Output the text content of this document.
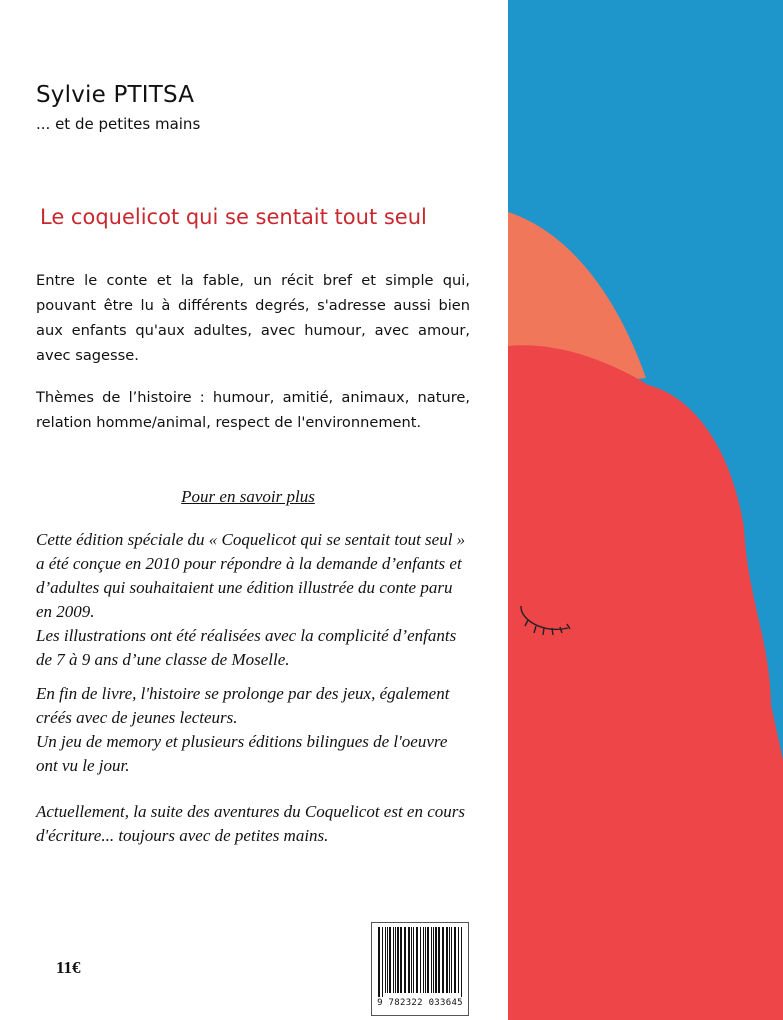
Sylvie PTITSA
... et de petites mains
Le coquelicot qui se sentait tout seul

Entre le conte et la fable, un récit bref et simple qui, pouvant être lu à différents degrés, s'adresse aussi bien aux enfants qu'aux adultes, avec humour, avec amour, avec sagesse.

Thèmes de l’histoire : humour, amitié, animaux, nature, relation homme/animal, respect de l'environnement.

Pour en savoir plus

Cette édition spéciale du « Coquelicot qui se sentait tout seul » a été conçue en 2010 pour répondre à la demande d’enfants et d’adultes qui souhaitaient une édition illustrée du conte paru en 2009.
Les illustrations ont été réalisées avec la complicité d’enfants de 7 à 9 ans d’une classe de Moselle.

En fin de livre, l'histoire se prolonge par des jeux, également créés avec de jeunes lecteurs.
Un jeu de memory et plusieurs éditions bilingues de l'oeuvre ont vu le jour.

Actuellement, la suite des aventures du Coquelicot est en cours d'écriture... toujours avec de petites mains.

11€
9 782322 033645
